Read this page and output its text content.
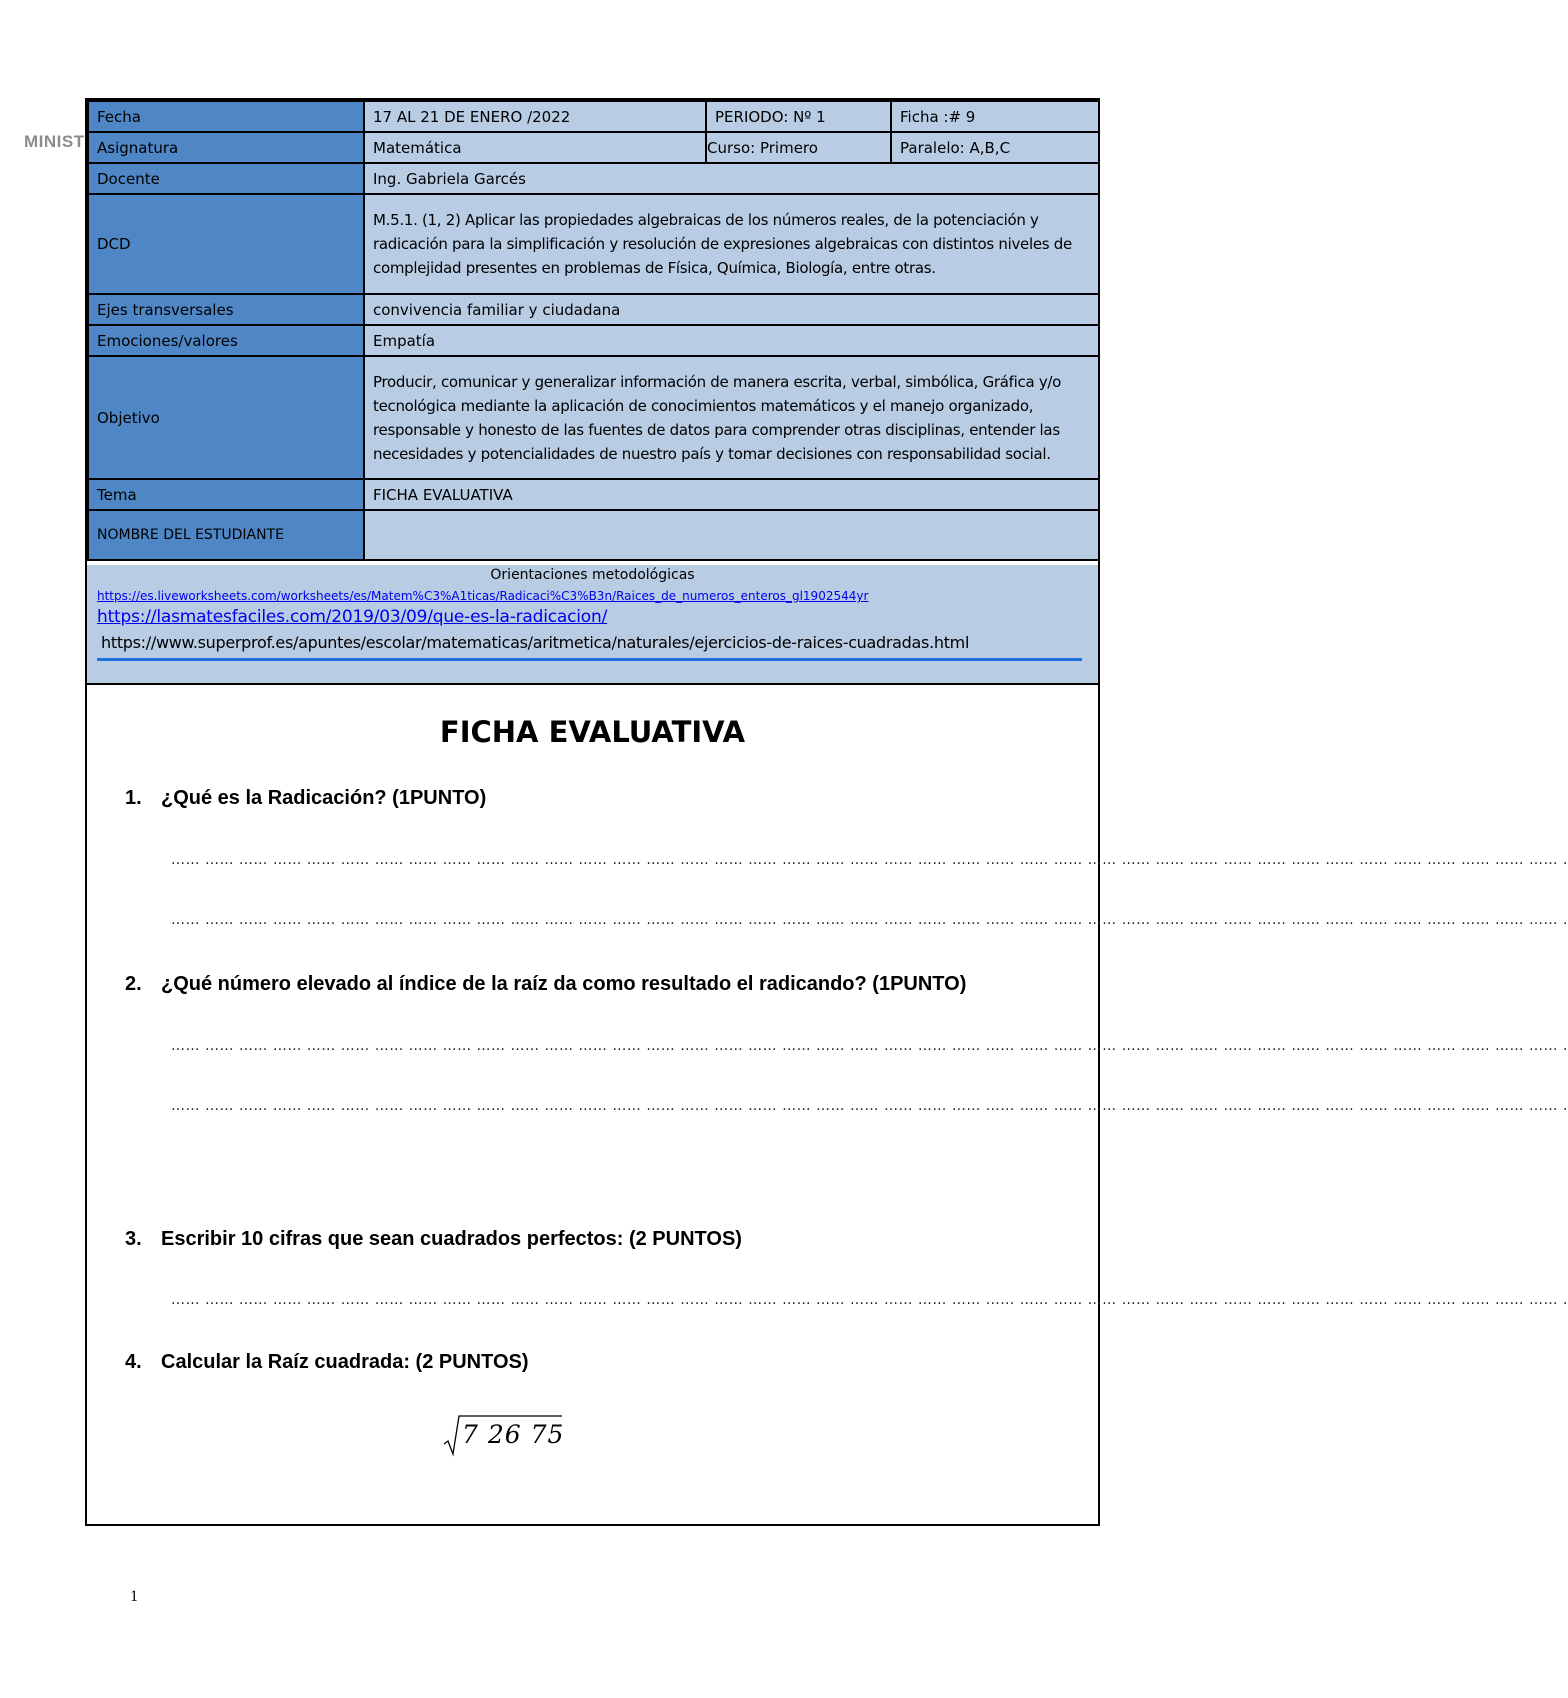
MINIST
Fecha	17 AL 21 DE ENERO /2022	PERIODO: Nº 1	Ficha :# 9
Asignatura	Matemática	Curso: Primero	Paralelo: A,B,C
Docente	Ing. Gabriela Garcés		
DCD	M.5.1. (1, 2) Aplicar las propiedades algebraicas de los números reales, de la potenciación y radicación para la simplificación y resolución de expresiones algebraicas con distintos niveles de complejidad presentes en problemas de Física, Química, Biología, entre otras.		
Ejes transversales	convivencia familiar y ciudadana		
Emociones/valores	Empatía		
Objetivo	Producir, comunicar y generalizar información de manera escrita, verbal, simbólica, Gráfica y/o tecnológica mediante la aplicación de conocimientos matemáticos y el manejo organizado, responsable y honesto de las fuentes de datos para comprender otras disciplinas, entender las necesidades y potencialidades de nuestro país y tomar decisiones con responsabilidad social.		
Tema	FICHA EVALUATIVA		
NOMBRE DEL ESTUDIANTE			
Orientaciones metodológicas
https://es.liveworksheets.com/worksheets/es/Matem%C3%A1ticas/Radicaci%C3%B3n/Raices_de_numeros_enteros_gl1902544yr
https://lasmatesfaciles.com/2019/03/09/que-es-la-radicacion/
https://www.superprof.es/apuntes/escolar/matematicas/aritmetica/naturales/ejercicios-de-raices-cuadradas.html
FICHA EVALUATIVA
1. ¿Qué es la Radicación? (1PUNTO)
…… …… …… …… …… …… …… …… …… …… …… …… …… …… …… …… …… …… …… …… …… …… …… …… …… …… …… …… …… …… …… …… …… …… …… …… …… …… …… …… …… .
…… …… …… …… …… …… …… …… …… …… …… …… …… …… …… …… …… …… …… …… …… …… …… …… …… …… …… …… …… …… …… …… …… …… …… …… …… …… …… …… …… .
2. ¿Qué número elevado al índice de la raíz da como resultado el radicando? (1PUNTO)
…… …… …… …… …… …… …… …… …… …… …… …… …… …… …… …… …… …… …… …… …… …… …… …… …… …… …… …… …… …… …… …… …… …… …… …… …… …… …… …… …… .
…… …… …… …… …… …… …… …… …… …… …… …… …… …… …… …… …… …… …… …… …… …… …… …… …… …… …… …… …… …… …… …… …… …… …… …… …… …… …… …… …… .
3. Escribir 10 cifras que sean cuadrados perfectos: (2 PUNTOS)
…… …… …… …… …… …… …… …… …… …… …… …… …… …… …… …… …… …… …… …… …… …… …… …… …… …… …… …… …… …… …… …… …… …… …… …… …… …… …… …… …… .
4. Calcular la Raíz cuadrada: (2 PUNTOS)
7 26 75
1
